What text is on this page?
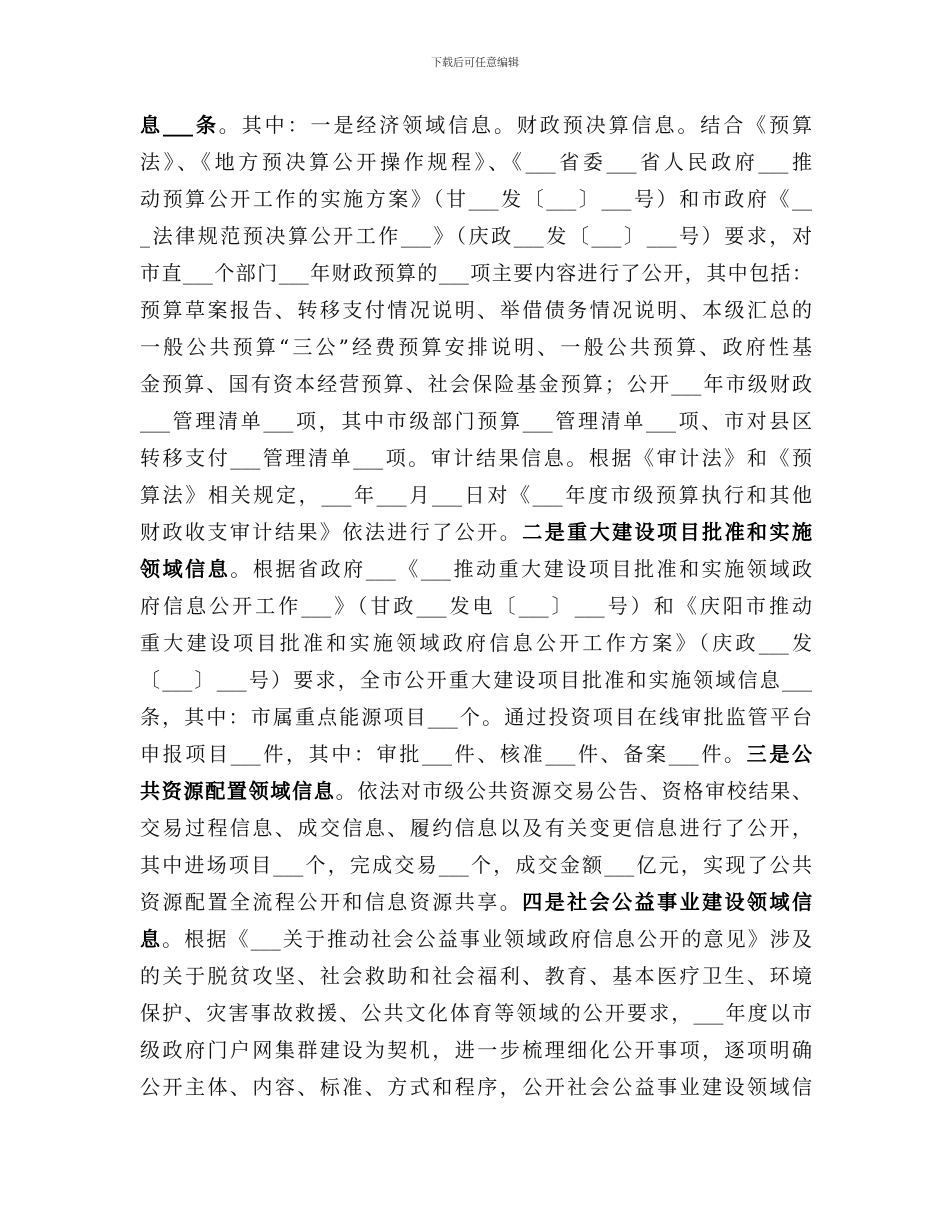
下载后可任意编辑
息___条。其中：一是经济领域信息。财政预决算信息。结合《预算
法》、《地方预决算公开操作规程》、《___省委___省人民政府___推
动预算公开工作的实施方案》（甘___发〔___〕___号）和市政府《__
_法律规范预决算公开工作___》（庆政___发〔___〕___号）要求，对
市直___个部门___年财政预算的___项主要内容进行了公开，其中包括：
预算草案报告、转移支付情况说明、举借债务情况说明、本级汇总的
一般公共预算“三公”经费预算安排说明、一般公共预算、政府性基
金预算、国有资本经营预算、社会保险基金预算；公开___年市级财政
___管理清单___项，其中市级部门预算___管理清单___项、市对县区
转移支付___管理清单___项。审计结果信息。根据《审计法》和《预
算法》相关规定，___年___月___日对《___年度市级预算执行和其他
财政收支审计结果》依法进行了公开。二是重大建设项目批准和实施
领域信息。根据省政府___《___推动重大建设项目批准和实施领域政
府信息公开工作___》（甘政___发电〔___〕___号）和《庆阳市推动
重大建设项目批准和实施领域政府信息公开工作方案》（庆政___发
〔___〕___号）要求，全市公开重大建设项目批准和实施领域信息___
条，其中：市属重点能源项目___个。通过投资项目在线审批监管平台
申报项目___件，其中：审批___件、核准___件、备案___件。三是公
共资源配置领域信息。依法对市级公共资源交易公告、资格审校结果、
交易过程信息、成交信息、履约信息以及有关变更信息进行了公开，
其中进场项目___个，完成交易___个，成交金额___亿元，实现了公共
资源配置全流程公开和信息资源共享。四是社会公益事业建设领域信
息。根据《___关于推动社会公益事业领域政府信息公开的意见》涉及
的关于脱贫攻坚、社会救助和社会福利、教育、基本医疗卫生、环境
保护、灾害事故救援、公共文化体育等领域的公开要求，___年度以市
级政府门户网集群建设为契机，进一步梳理细化公开事项，逐项明确
公开主体、内容、标准、方式和程序，公开社会公益事业建设领域信
